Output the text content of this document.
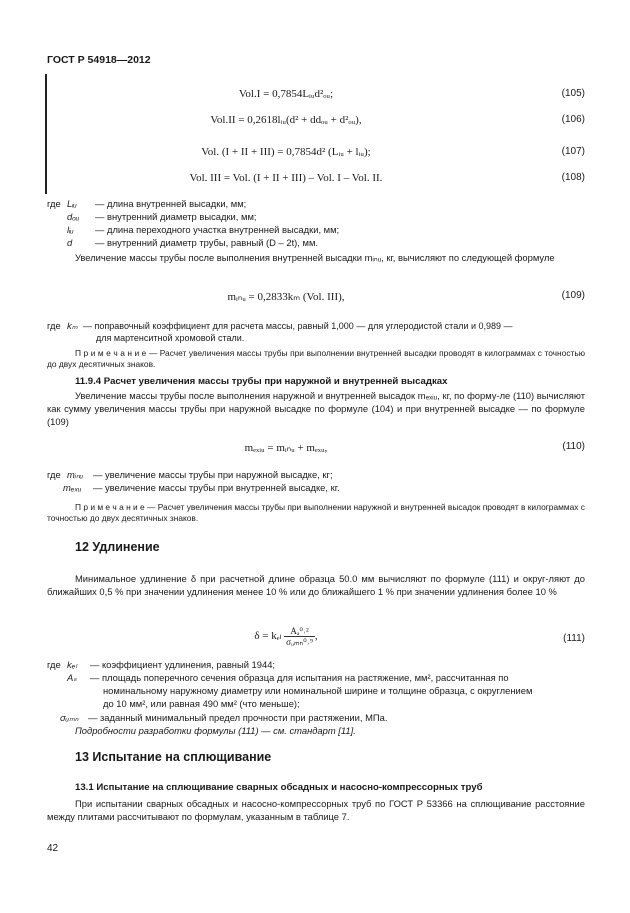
ГОСТ Р 54918—2012
Vol.I = 0,7854Lᵢᵤd²ₒᵤ;	(105)
Vol.II = 0,2618lᵢᵤ(d² + ddₒᵤ + d²ₒᵤ),	(106)
Vol. (I + II + III) = 0,7854d² (Lᵢᵤ + lᵢᵤ);	(107)
Vol. III = Vol. (I + II + III) – Vol. I – Vol. II.	(108)
где Lᵢᵤ — длина внутренней высадки, мм;
dₒᵤ — внутренний диаметр высадки, мм;
lᵢᵤ — длина переходного участка внутренней высадки, мм;
d — внутренний диаметр трубы, равный (D – 2t), мм.
Увеличение массы трубы после выполнения внутренней высадки mᵢₙᵤ, кг, вычисляют по следующей формуле
mᵢₙᵤ = 0,2833kₘ (Vol. III),	(109)
где kₘ — поправочный коэффициент для расчета массы, равный 1,000 — для углеродистой стали и 0,989 —
для мартенситной хромовой стали.
П р и м е ч а н и е — Расчет увеличения массы трубы при выполнении внутренней высадки проводят в килограммах с точностью до двух десятичных знаков.
11.9.4 Расчет увеличения массы трубы при наружной и внутренней высадках
Увеличение массы трубы после выполнения наружной и внутренней высадок mₑₓᵢᵤ, кг, по форму-ле (110) вычисляют как сумму увеличения массы трубы при наружной высадке по формуле (104) и при внутренней высадке — по формуле (109)
mₑₓᵢᵤ = mᵢₙᵤ + mₑₓᵤ,	(110)
где mᵢₙᵤ — увеличение массы трубы при наружной высадке, кг;
mₑₓᵤ — увеличение массы трубы при внутренней высадке, кг.
П р и м е ч а н и е — Расчет увеличения массы трубы при выполнении наружной и внутренней высадок проводят в килограммах с точностью до двух десятичных знаков.
12 Удлинение
Минимальное удлинение δ при расчетной длине образца 50.0 мм вычисляют по формуле (111) и округ-ляют до ближайших 0,5 % при значении удлинения менее 10 % или до ближайшего 1 % при значении удлинения более 10 %
δ = kₑₗ $\frac{\text{Aₐ⁰˒²}}{\text{σᵤₘₙ⁰˒⁹}}$ ,	(111)
где kₑₗ — коэффициент удлинения, равный 1944;
Aₛ — площадь поперечного сечения образца для испытания на растяжение, мм², рассчитанная по
номинальному наружному диаметру или номинальной ширине и толщине образца, с округлением
до 10 мм², или равная 490 мм² (что меньше);
σᵤₘₙ — заданный минимальный предел прочности при растяжении, МПа.
Подробности разработки формулы (111) — см. стандарт [11].
13 Испытание на сплющивание
13.1 Испытание на сплющивание сварных обсадных и насосно-компрессорных труб
При испытании сварных обсадных и насосно-компрессорных труб по ГОСТ Р 53366 на сплющивание расстояние между плитами рассчитывают по формулам, указанным в таблице 7.
42
